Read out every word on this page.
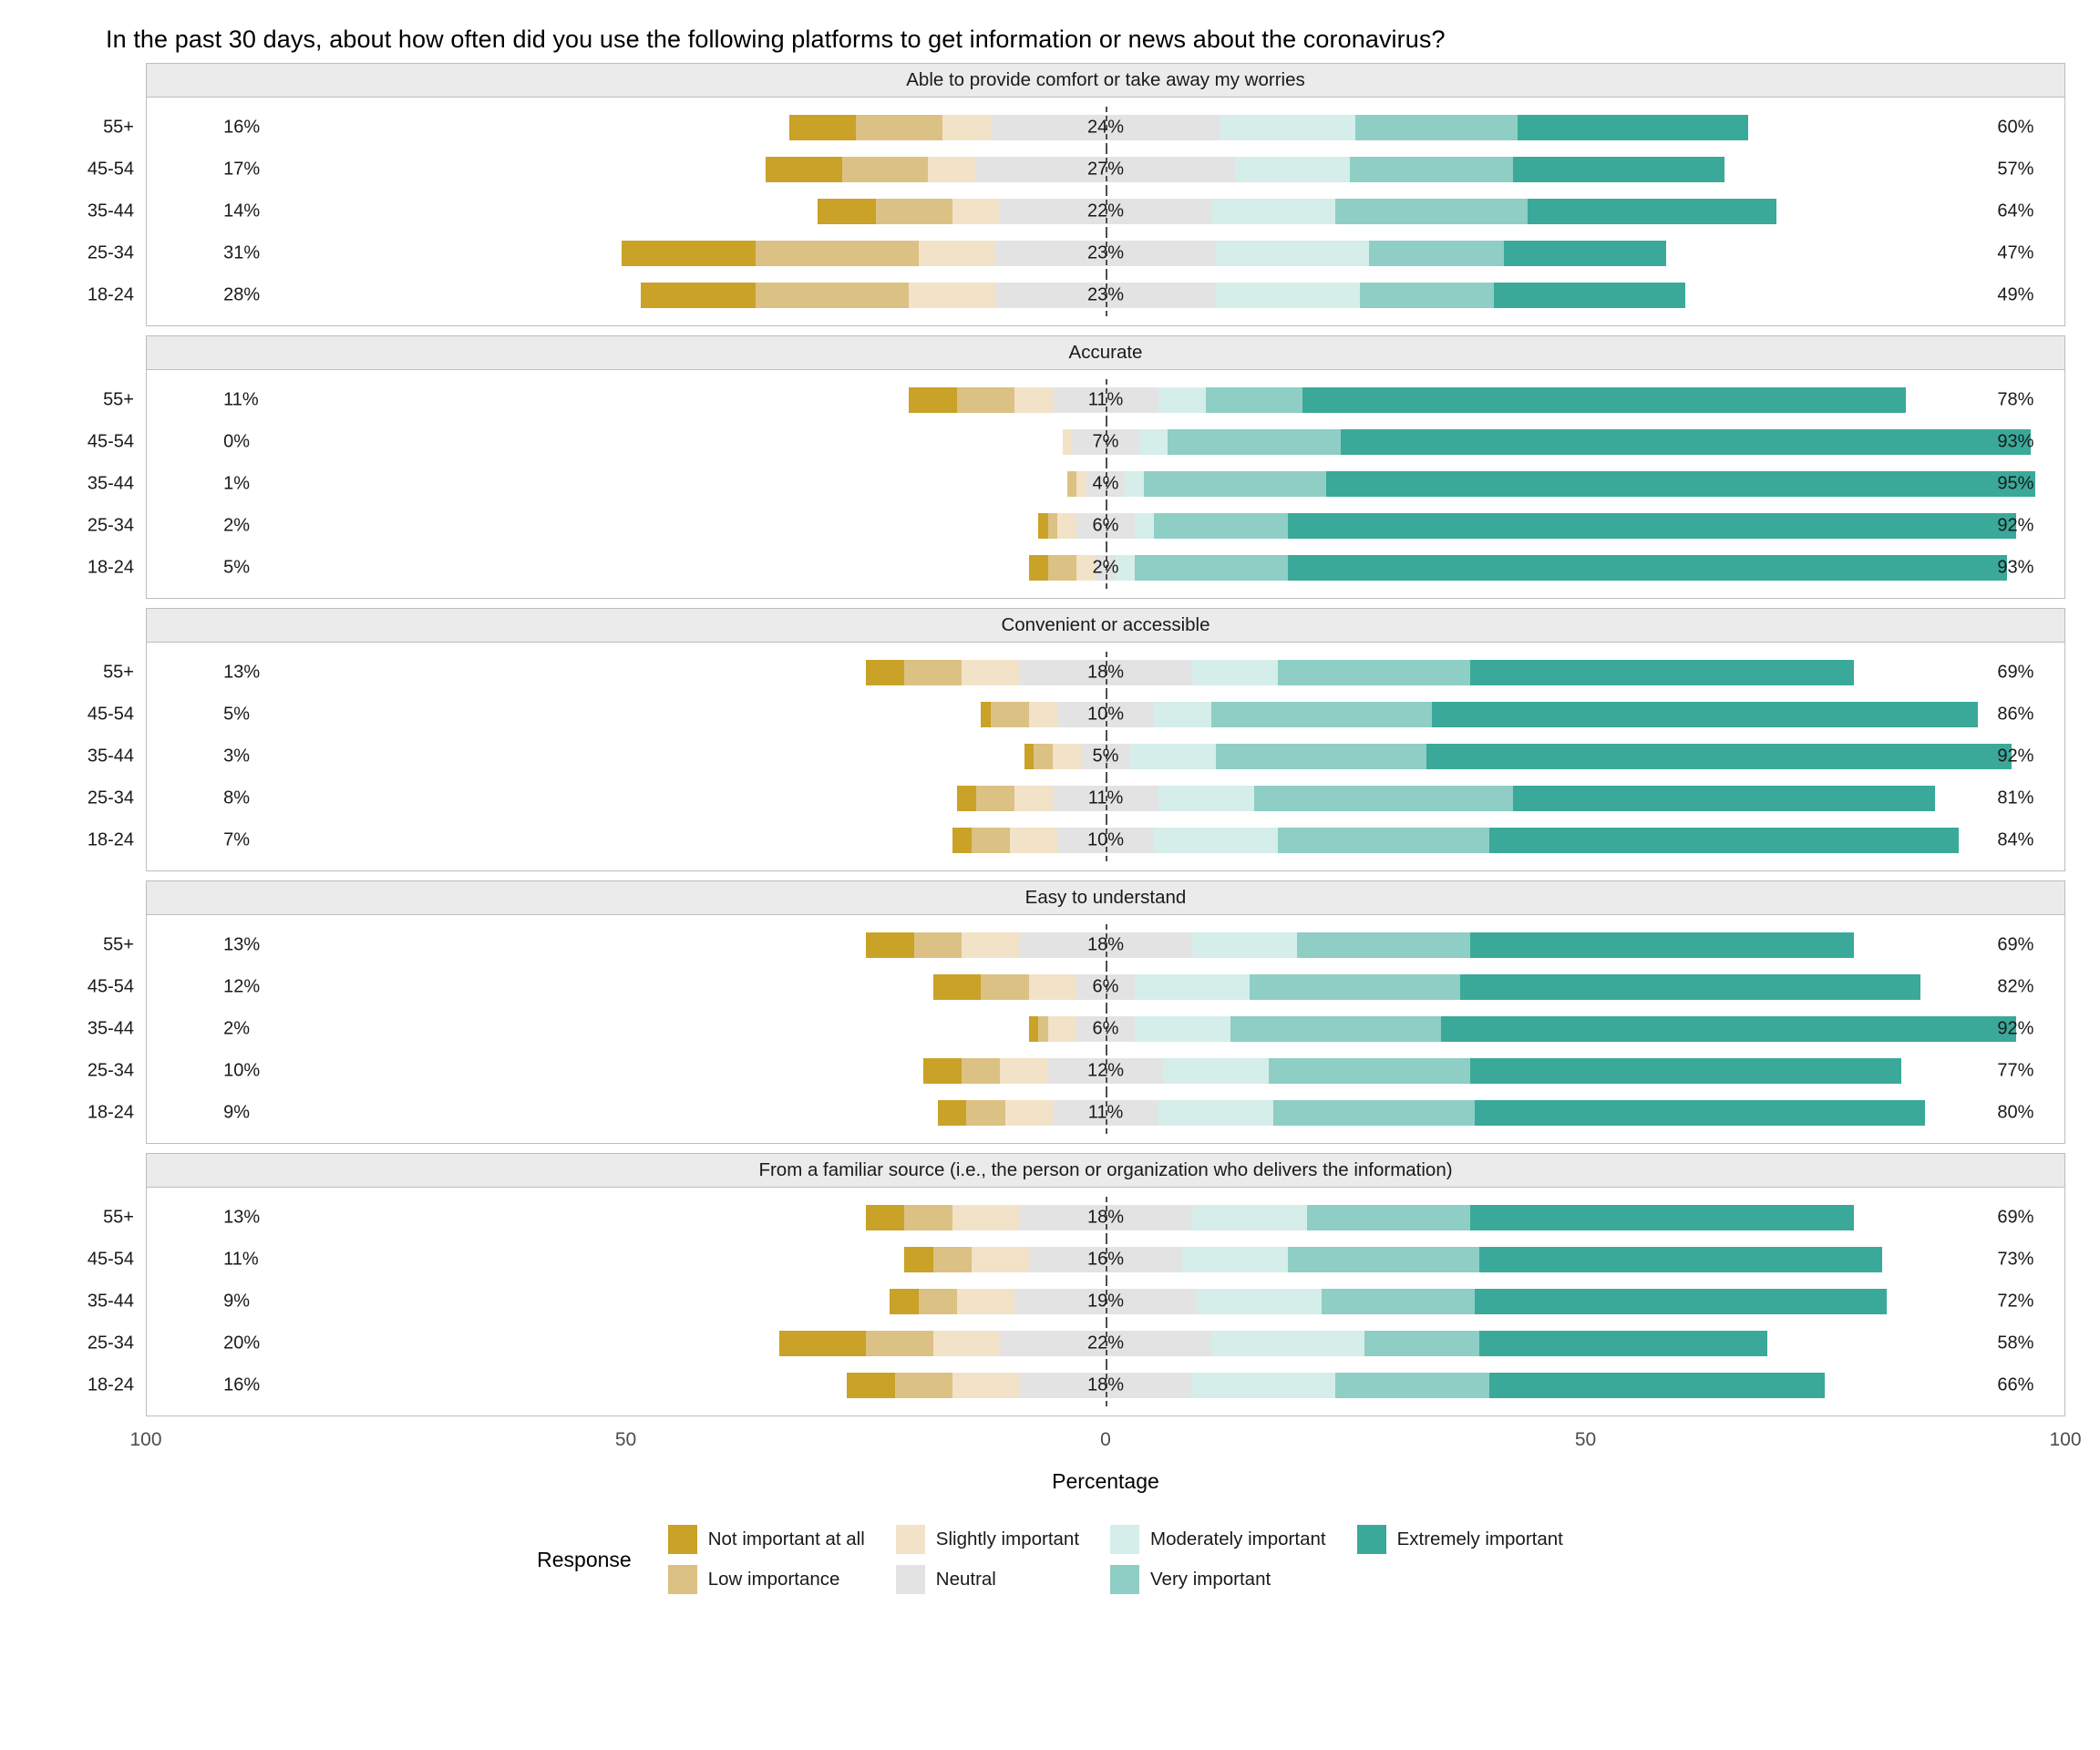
In the past 30 days, about how often did you use the following platforms to get information or news about the coronavirus?
Able to provide comfort or take away my worries
55+	16%	24%	60%
45-54	17%	27%	57%
35-44	14%	22%	64%
25-34	31%	23%	47%
18-24	28%	23%	49%
Accurate
55+	11%	11%	78%
45-54	0%	7%	93%
35-44	1%	4%	95%
25-34	2%	6%	92%
18-24	5%	2%	93%
Convenient or accessible
55+	13%	18%	69%
45-54	5%	10%	86%
35-44	3%	5%	92%
25-34	8%	11%	81%
18-24	7%	10%	84%
Easy to understand
55+	13%	18%	69%
45-54	12%	6%	82%
35-44	2%	6%	92%
25-34	10%	12%	77%
18-24	9%	11%	80%
From a familiar source (i.e., the person or organization who delivers the information)
55+	13%	18%	69%
45-54	11%	16%	73%
35-44	9%	19%	72%
25-34	20%	22%	58%
18-24	16%	18%	66%
100	50	0	50	100
Percentage
Response
Not important at all	Slightly important	Moderately important	Extremely important
Low importance	Neutral	Very important
